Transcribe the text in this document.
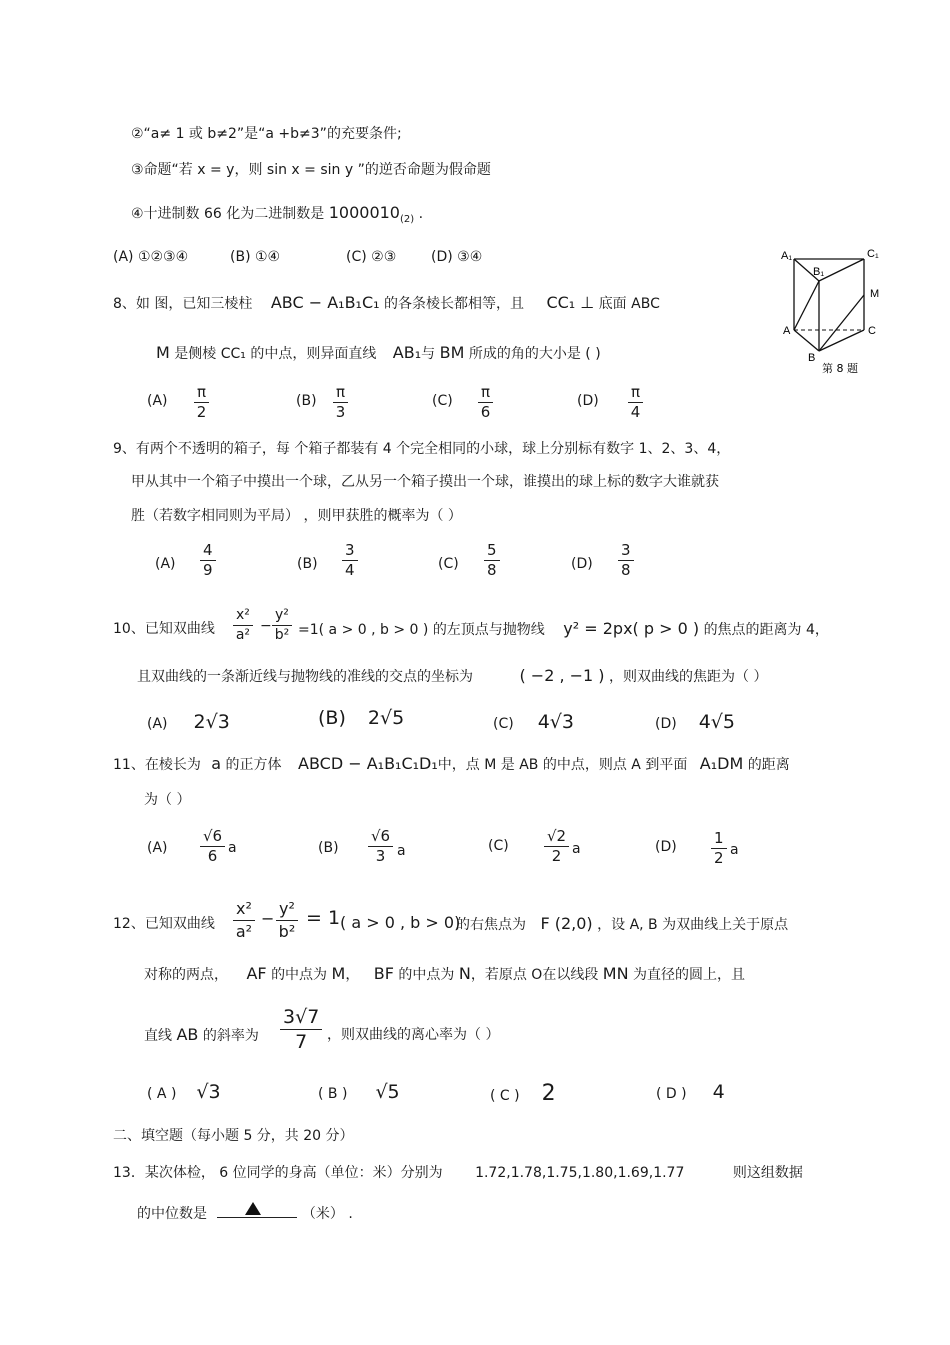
②“a≠ 1 或 b≠2”是“a +b≠3”的充要条件;
③命题“若 x = y，则 sin x = sin y ”的逆否命题为假命题
④十进制数 66 化为二进制数是 $1000010_{(2)}$ .
(A) ①②③④	(B) ①④	(C) ②③ (D) ③④
8、如 图，已知三棱柱 ABC − A₁B₁C₁ 的各条棱长都相等，且 CC₁ ⊥ 底面 ABC
M 是侧棱 CC₁ 的中点，则异面直线 AB₁与 BM 所成的角的大小是 ( )
$(A) \frac{\pi}{2}$	$(B) \frac{\pi}{3}$	$(C) \frac{\pi}{6}$	$(D) \frac{\pi}{4}$
A₁
B₁
C₁
M
A	C
B
第 8 题
9、有两个不透明的箱子，每 个箱子都装有 4 个完全相同的小球，球上分别标有数字 1、2、3、4，
甲从其中一个箱子中摸出一个球，乙从另一个箱子摸出一个球，谁摸出的球上标的数字大谁就获
胜（若数字相同则为平局） ，则甲获胜的概率为（ ）
$(A) \frac{4}{9}$	$(B) \frac{3}{4}$	$(C) \frac{5}{8}$	$(D) \frac{3}{8}$
10、已知双曲线 $\frac{\text{x²}}{\text{a²}} - \frac{\text{y²}}{\text{b²}} =1$( a > 0 , b > 0 ) 的左顶点与抛物线 y² = 2px( p > 0 ) 的焦点的距离为 4，
且双曲线的一条渐近线与抛物线的准线的交点的坐标为	( −2 , −1 ) ，则双曲线的焦距为（ ）
(A) 2√3	(B) 2√5	(C) 4√3	(D) 4√5
11、在棱长为 a 的正方体 ABCD − A₁B₁C₁D₁中，点 M 是 AB 的中点，则点 A 到平面 A₁DM 的距离
为（ ）
$(A) \frac{√6}{6}$ a	$(B) \frac{√6}{3}$ a	$(C) \frac{√2}{2}$ a	$(D) \frac{1}{2}$ a
12、已知双曲线 $\frac{\text{x²}}{\text{a²}} - \frac{\text{y²}}{\text{b²}} = 1$ ( a > 0 , b > 0)
的右焦点为 F (2,0) ，设 A, B 为双曲线上关于原点
对称的两点， AF 的中点为 M， BF 的中点为 N，若原点 O在以线段 MN 为直径的圆上，且
直线 AB 的斜率为 $\frac{3√7}{7}$ ，则双曲线的离心率为（ ）
( A ) √3	( B ) √5	( C ) 2	( D ) 4
二、填空题（每小题 5 分，共 20 分）
13．某次体检， 6 位同学的身高（单位：米）分别为 1.72,1.78,1.75,1.80,1.69,1.77	则这组数据
的中位数是	（米） .
